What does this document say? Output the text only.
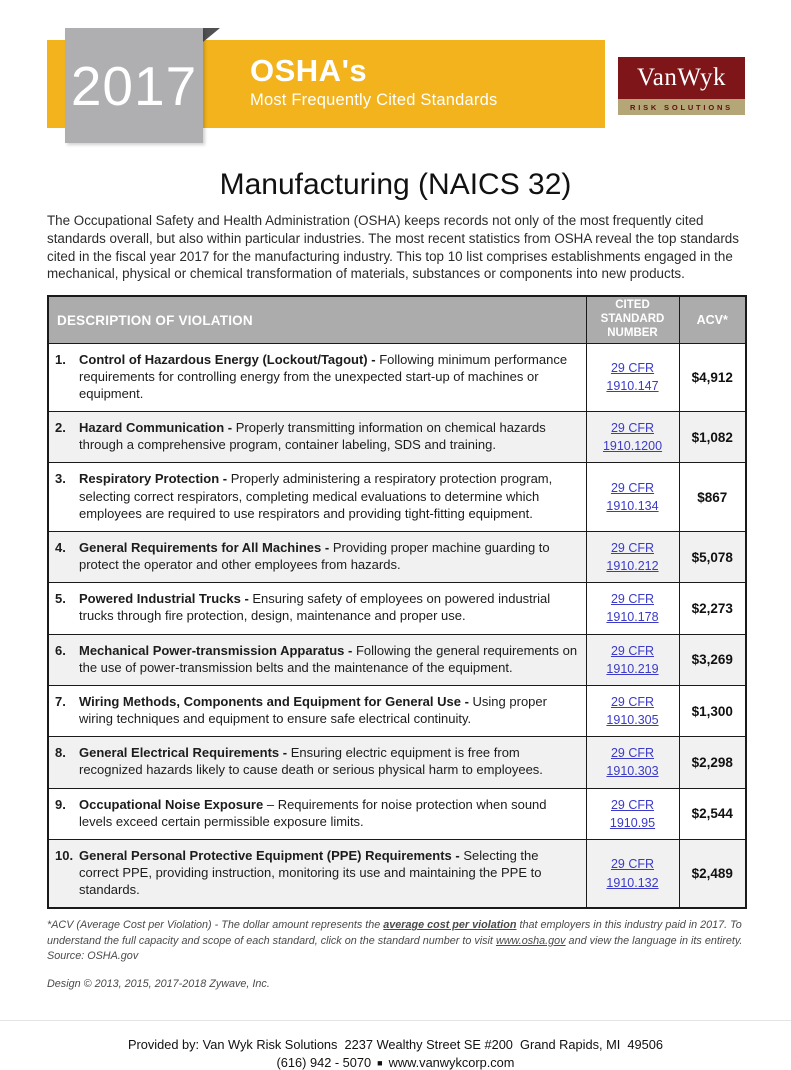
OSHA's
Most Frequently Cited Standards
2017	VanWyk
RISK SOLUTIONS
Manufacturing (NAICS 32)

The Occupational Safety and Health Administration (OSHA) keeps records not only of the most frequently cited standards overall, but also within particular industries. The most recent statistics from OSHA reveal the top standards cited in the fiscal year 2017 for the manufacturing industry. This top 10 list comprises establishments engaged in the mechanical, physical or chemical transformation of materials, substances or components into new products.

DESCRIPTION OF VIOLATION	CITED STANDARD NUMBER	ACV*

1. Control of Hazardous Energy (Lockout/Tagout) - Following minimum performance requirements for controlling energy from the unexpected start-up of machines or equipment.	29 CFR
1910.147	$4,912

2. Hazard Communication - Properly transmitting information on chemical hazards through a comprehensive program, container labeling, SDS and training.	29 CFR
1910.1200	$1,082

3. Respiratory Protection - Properly administering a respiratory protection program, selecting correct respirators, completing medical evaluations to determine which employees are required to use respirators and providing tight-fitting equipment.	29 CFR
1910.134	$867

4. General Requirements for All Machines - Providing proper machine guarding to protect the operator and other employees from hazards.	29 CFR
1910.212	$5,078

5. Powered Industrial Trucks - Ensuring safety of employees on powered industrial trucks through fire protection, design, maintenance and proper use.	29 CFR
1910.178	$2,273

6. Mechanical Power-transmission Apparatus - Following the general requirements on the use of power-transmission belts and the maintenance of the equipment.	29 CFR
1910.219	$3,269

7. Wiring Methods, Components and Equipment for General Use - Using proper wiring techniques and equipment to ensure safe electrical continuity.	29 CFR
1910.305	$1,300

8. General Electrical Requirements - Ensuring electric equipment is free from recognized hazards likely to cause death or serious physical harm to employees.	29 CFR
1910.303	$2,298

9. Occupational Noise Exposure – Requirements for noise protection when sound levels exceed certain permissible exposure limits.	29 CFR
1910.95	$2,544

10. General Personal Protective Equipment (PPE) Requirements - Selecting the correct PPE, providing instruction, monitoring its use and maintaining the PPE to standards.	29 CFR
1910.132	$2,489

*ACV (Average Cost per Violation) - The dollar amount represents the average cost per violation that employers in this industry paid in 2017. To understand the full capacity and scope of each standard, click on the standard number to visit www.osha.gov and view the language in its entirety. Source: OSHA.gov

Design © 2013, 2015, 2017-2018 Zywave, Inc.

Provided by: Van Wyk Risk Solutions  2237 Wealthy Street SE #200  Grand Rapids, MI  49506
(616) 942 - 5070 ■ www.vanwykcorp.com
